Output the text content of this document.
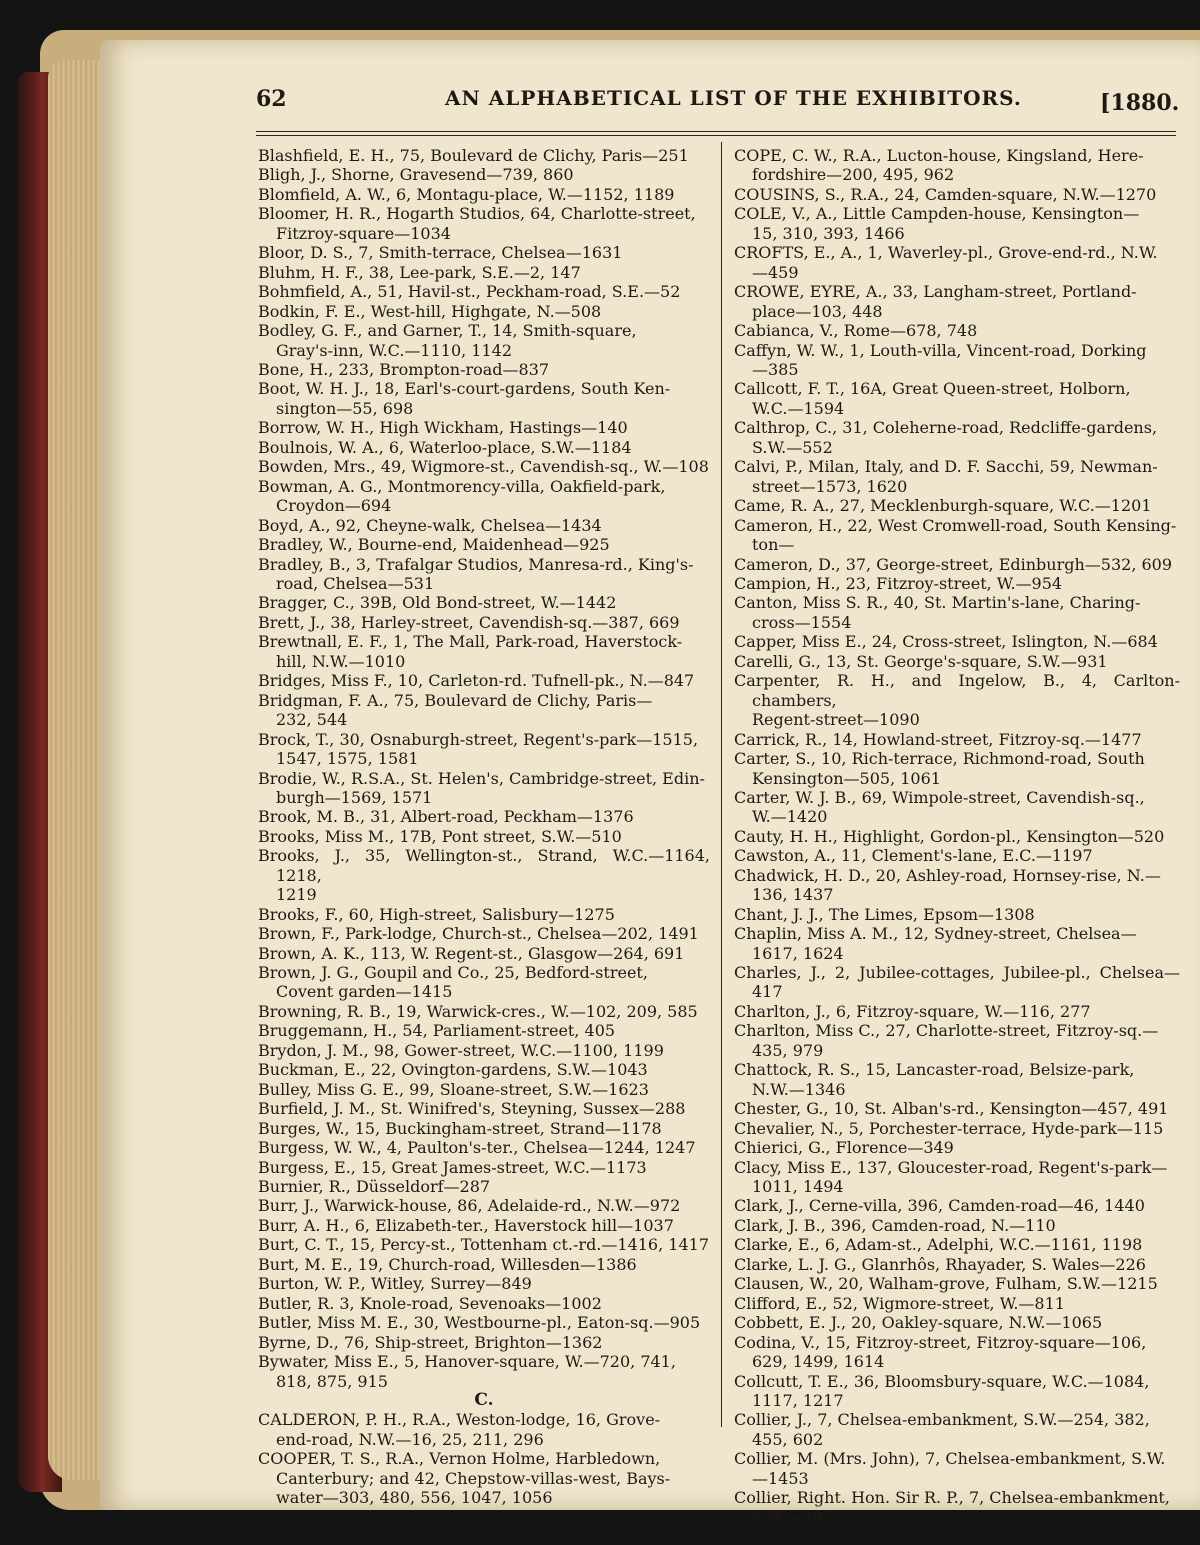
62	AN ALPHABETICAL LIST OF THE EXHIBITORS.	[1880.

Blashfield, E. H., 75, Boulevard de Clichy, Paris—251

Bligh, J., Shorne, Gravesend—739, 860

Blomfield, A. W., 6, Montagu-place, W.—1152, 1189

Bloomer, H. R., Hogarth Studios, 64, Charlotte-street,
Fitzroy-square—1034

Bloor, D. S., 7, Smith-terrace, Chelsea—1631

Bluhm, H. F., 38, Lee-park, S.E.—2, 147

Bohmfield, A., 51, Havil-st., Peckham-road, S.E.—52

Bodkin, F. E., West-hill, Highgate, N.—508

Bodley, G. F., and Garner, T., 14, Smith-square,
Gray's-inn, W.C.—1110, 1142

Bone, H., 233, Brompton-road—837

Boot, W. H. J., 18, Earl's-court-gardens, South Ken-
sington—55, 698

Borrow, W. H., High Wickham, Hastings—140

Boulnois, W. A., 6, Waterloo-place, S.W.—1184

Bowden, Mrs., 49, Wigmore-st., Cavendish-sq., W.—108

Bowman, A. G., Montmorency-villa, Oakfield-park,
Croydon—694

Boyd, A., 92, Cheyne-walk, Chelsea—1434

Bradley, W., Bourne-end, Maidenhead—925

Bradley, B., 3, Trafalgar Studios, Manresa-rd., King's-
road, Chelsea—531

Bragger, C., 39B, Old Bond-street, W.—1442

Brett, J., 38, Harley-street, Cavendish-sq.—387, 669

Brewtnall, E. F., 1, The Mall, Park-road, Haverstock-
hill, N.W.—1010

Bridges, Miss F., 10, Carleton-rd. Tufnell-pk., N.—847

Bridgman, F. A., 75, Boulevard de Clichy, Paris—
232, 544

Brock, T., 30, Osnaburgh-street, Regent's-park—1515,
1547, 1575, 1581

Brodie, W., R.S.A., St. Helen's, Cambridge-street, Edin-
burgh—1569, 1571

Brook, M. B., 31, Albert-road, Peckham—1376

Brooks, Miss M., 17B, Pont street, S.W.—510

Brooks, J., 35, Wellington-st., Strand, W.C.—1164, 1218,
1219

Brooks, F., 60, High-street, Salisbury—1275

Brown, F., Park-lodge, Church-st., Chelsea—202, 1491

Brown, A. K., 113, W. Regent-st., Glasgow—264, 691

Brown, J. G., Goupil and Co., 25, Bedford-street,
Covent garden—1415

Browning, R. B., 19, Warwick-cres., W.—102, 209, 585

Bruggemann, H., 54, Parliament-street, 405

Brydon, J. M., 98, Gower-street, W.C.—1100, 1199

Buckman, E., 22, Ovington-gardens, S.W.—1043

Bulley, Miss G. E., 99, Sloane-street, S.W.—1623

Burfield, J. M., St. Winifred's, Steyning, Sussex—288

Burges, W., 15, Buckingham-street, Strand—1178

Burgess, W. W., 4, Paulton's-ter., Chelsea—1244, 1247

Burgess, E., 15, Great James-street, W.C.—1173

Burnier, R., Düsseldorf—287

Burr, J., Warwick-house, 86, Adelaide-rd., N.W.—972

Burr, A. H., 6, Elizabeth-ter., Haverstock hill—1037

Burt, C. T., 15, Percy-st., Tottenham ct.-rd.—1416, 1417

Burt, M. E., 19, Church-road, Willesden—1386

Burton, W. P., Witley, Surrey—849

Butler, R. 3, Knole-road, Sevenoaks—1002

Butler, Miss M. E., 30, Westbourne-pl., Eaton-sq.—905

Byrne, D., 76, Ship-street, Brighton—1362

Bywater, Miss E., 5, Hanover-square, W.—720, 741,
818, 875, 915

C.

CALDERON, P. H., R.A., Weston-lodge, 16, Grove-
end-road, N.W.—16, 25, 211, 296

COOPER, T. S., R.A., Vernon Holme, Harbledown,
Canterbury; and 42, Chepstow-villas-west, Bays-
water—303, 480, 556, 1047, 1056

COPE, C. W., R.A., Lucton-house, Kingsland, Here-
fordshire—200, 495, 962

COUSINS, S., R.A., 24, Camden-square, N.W.—1270

COLE, V., A., Little Campden-house, Kensington—
15, 310, 393, 1466

CROFTS, E., A., 1, Waverley-pl., Grove-end-rd., N.W.
—459

CROWE, EYRE, A., 33, Langham-street, Portland-
place—103, 448

Cabianca, V., Rome—678, 748

Caffyn, W. W., 1, Louth-villa, Vincent-road, Dorking
—385

Callcott, F. T., 16A, Great Queen-street, Holborn,
W.C.—1594

Calthrop, C., 31, Coleherne-road, Redcliffe-gardens,
S.W.—552

Calvi, P., Milan, Italy, and D. F. Sacchi, 59, Newman-
street—1573, 1620

Came, R. A., 27, Mecklenburgh-square, W.C.—1201

Cameron, H., 22, West Cromwell-road, South Kensing-
ton—

Cameron, D., 37, George-street, Edinburgh—532, 609

Campion, H., 23, Fitzroy-street, W.—954

Canton, Miss S. R., 40, St. Martin's-lane, Charing-
cross—1554

Capper, Miss E., 24, Cross-street, Islington, N.—684

Carelli, G., 13, St. George's-square, S.W.—931

Carpenter, R. H., and Ingelow, B., 4, Carlton-chambers,
Regent-street—1090

Carrick, R., 14, Howland-street, Fitzroy-sq.—1477

Carter, S., 10, Rich-terrace, Richmond-road, South
Kensington—505, 1061

Carter, W. J. B., 69, Wimpole-street, Cavendish-sq.,
W.—1420

Cauty, H. H., Highlight, Gordon-pl., Kensington—520

Cawston, A., 11, Clement's-lane, E.C.—1197

Chadwick, H. D., 20, Ashley-road, Hornsey-rise, N.—
136, 1437

Chant, J. J., The Limes, Epsom—1308

Chaplin, Miss A. M., 12, Sydney-street, Chelsea—
1617, 1624

Charles, J., 2, Jubilee-cottages, Jubilee-pl., Chelsea—417

Charlton, J., 6, Fitzroy-square, W.—116, 277

Charlton, Miss C., 27, Charlotte-street, Fitzroy-sq.—
435, 979

Chattock, R. S., 15, Lancaster-road, Belsize-park,
N.W.—1346

Chester, G., 10, St. Alban's-rd., Kensington—457, 491

Chevalier, N., 5, Porchester-terrace, Hyde-park—115

Chierici, G., Florence—349

Clacy, Miss E., 137, Gloucester-road, Regent's-park—
1011, 1494

Clark, J., Cerne-villa, 396, Camden-road—46, 1440

Clark, J. B., 396, Camden-road, N.—110

Clarke, E., 6, Adam-st., Adelphi, W.C.—1161, 1198

Clarke, L. J. G., Glanrhôs, Rhayader, S. Wales—226

Clausen, W., 20, Walham-grove, Fulham, S.W.—1215

Clifford, E., 52, Wigmore-street, W.—811

Cobbett, E. J., 20, Oakley-square, N.W.—1065

Codina, V., 15, Fitzroy-street, Fitzroy-square—106,
629, 1499, 1614

Collcutt, T. E., 36, Bloomsbury-square, W.C.—1084,
1117, 1217

Collier, J., 7, Chelsea-embankment, S.W.—254, 382,
455, 602

Collier, M. (Mrs. John), 7, Chelsea-embankment, S.W.
—1453

Collier, Right. Hon. Sir R. P., 7, Chelsea-embankment,
S.W.—397
